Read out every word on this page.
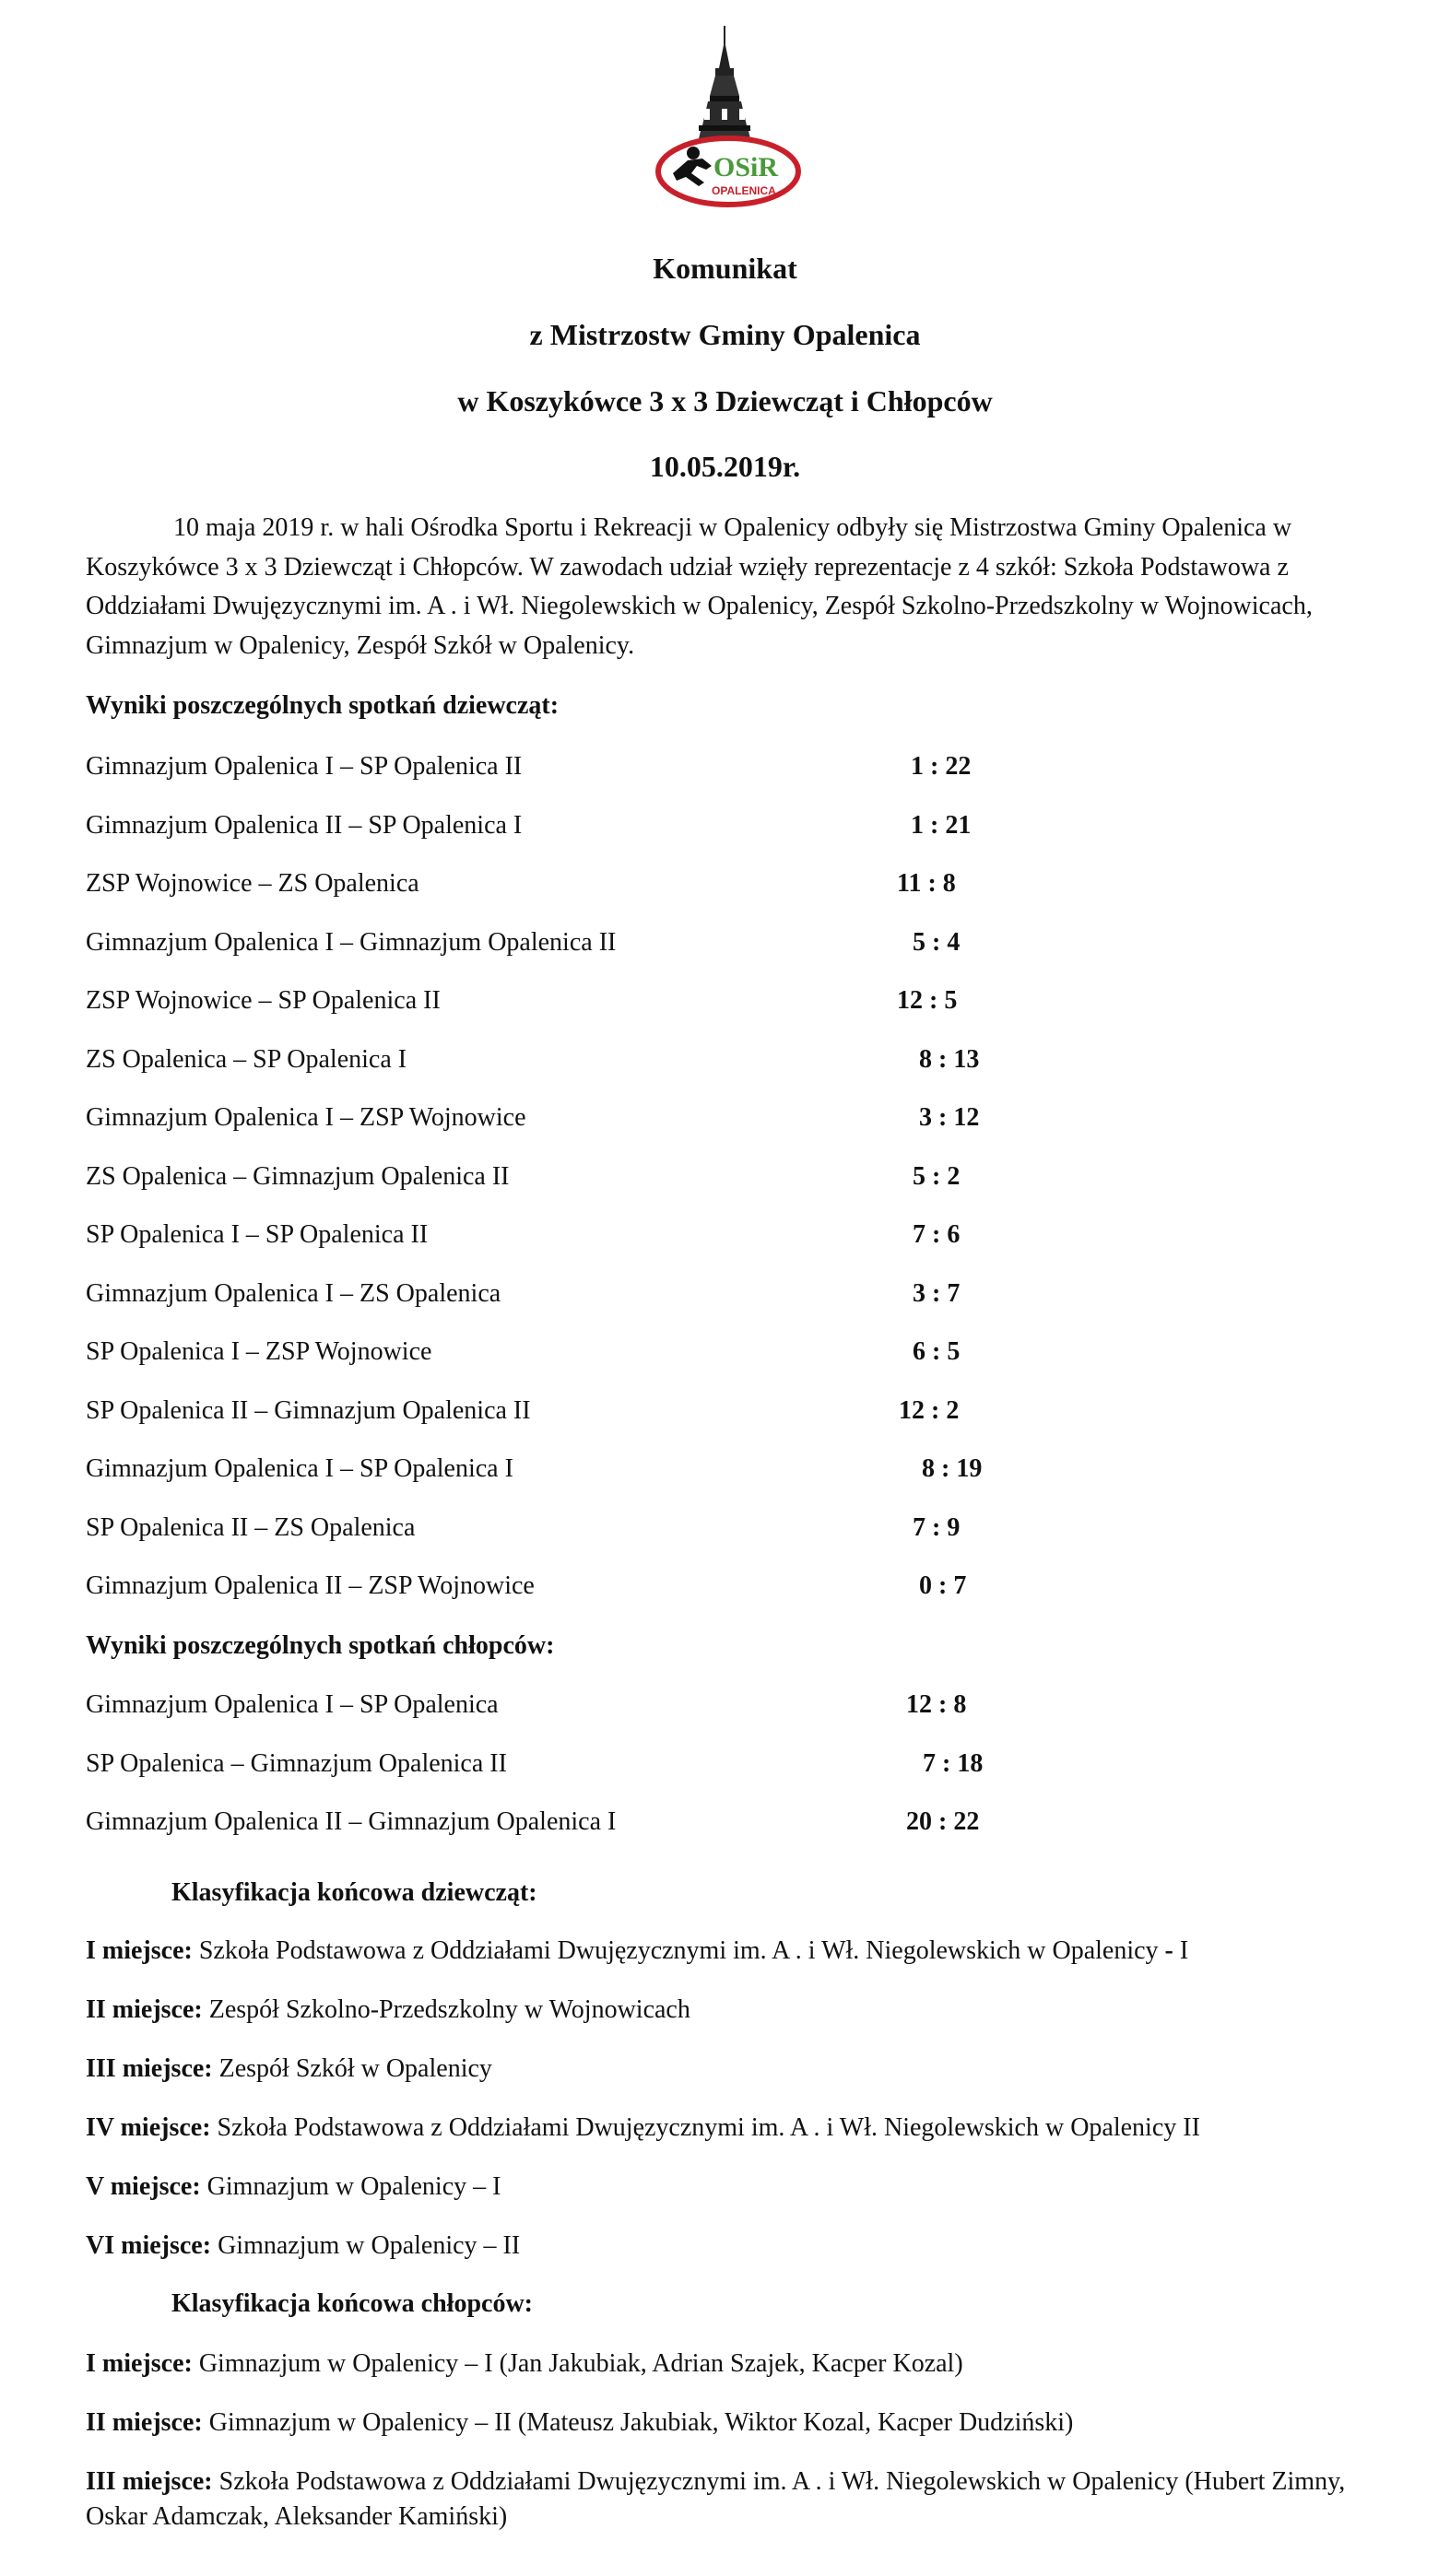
OSiR
OPALENICA
Komunikat
z Mistrzostw Gminy Opalenica
w Koszykówce 3 x 3 Dziewcząt i Chłopców
10.05.2019r.

10 maja 2019 r. w hali Ośrodka Sportu i Rekreacji w Opalenicy odbyły się Mistrzostwa Gminy Opalenica w Koszykówce 3 x 3 Dziewcząt i Chłopców. W zawodach udział wzięły reprezentacje z 4 szkół: Szkoła Podstawowa z Oddziałami Dwujęzycznymi im. A . i Wł. Niegolewskich w Opalenicy, Zespół Szkolno-Przedszkolny w Wojnowicach, Gimnazjum w Opalenicy, Zespół Szkół w Opalenicy.

Wyniki poszczególnych spotkań dziewcząt:

Gimnazjum Opalenica I – SP Opalenica II	1 : 22
Gimnazjum Opalenica II – SP Opalenica I	1 : 21
ZSP Wojnowice – ZS Opalenica	11 : 8
Gimnazjum Opalenica I – Gimnazjum Opalenica II	5 : 4
ZSP Wojnowice – SP Opalenica II	12 : 5
ZS Opalenica – SP Opalenica I	8 : 13
Gimnazjum Opalenica I – ZSP Wojnowice	3 : 12
ZS Opalenica – Gimnazjum Opalenica II	5 : 2
SP Opalenica I – SP Opalenica II	7 : 6
Gimnazjum Opalenica I – ZS Opalenica	3 : 7
SP Opalenica I – ZSP Wojnowice	6 : 5
SP Opalenica II – Gimnazjum Opalenica II	12 : 2
Gimnazjum Opalenica I – SP Opalenica I	8 : 19
SP Opalenica II – ZS Opalenica	7 : 9
Gimnazjum Opalenica II – ZSP Wojnowice	0 : 7

Wyniki poszczególnych spotkań chłopców:

Gimnazjum Opalenica I – SP Opalenica	12 : 8
SP Opalenica – Gimnazjum Opalenica II	7 : 18
Gimnazjum Opalenica II – Gimnazjum Opalenica I	20 : 22

Klasyfikacja końcowa dziewcząt:

I miejsce: Szkoła Podstawowa z Oddziałami Dwujęzycznymi im. A . i Wł. Niegolewskich w Opalenicy - I
II miejsce: Zespół Szkolno-Przedszkolny w Wojnowicach
III miejsce: Zespół Szkół w Opalenicy
IV miejsce: Szkoła Podstawowa z Oddziałami Dwujęzycznymi im. A . i Wł. Niegolewskich w Opalenicy II
V miejsce: Gimnazjum w Opalenicy – I
VI miejsce: Gimnazjum w Opalenicy – II

Klasyfikacja końcowa chłopców:

I miejsce: Gimnazjum w Opalenicy – I (Jan Jakubiak, Adrian Szajek, Kacper Kozal)
II miejsce: Gimnazjum w Opalenicy – II (Mateusz Jakubiak, Wiktor Kozal, Kacper Dudziński)
III miejsce: Szkoła Podstawowa z Oddziałami Dwujęzycznymi im. A . i Wł. Niegolewskich w Opalenicy (Hubert Zimny, Oskar Adamczak, Aleksander Kamiński)
